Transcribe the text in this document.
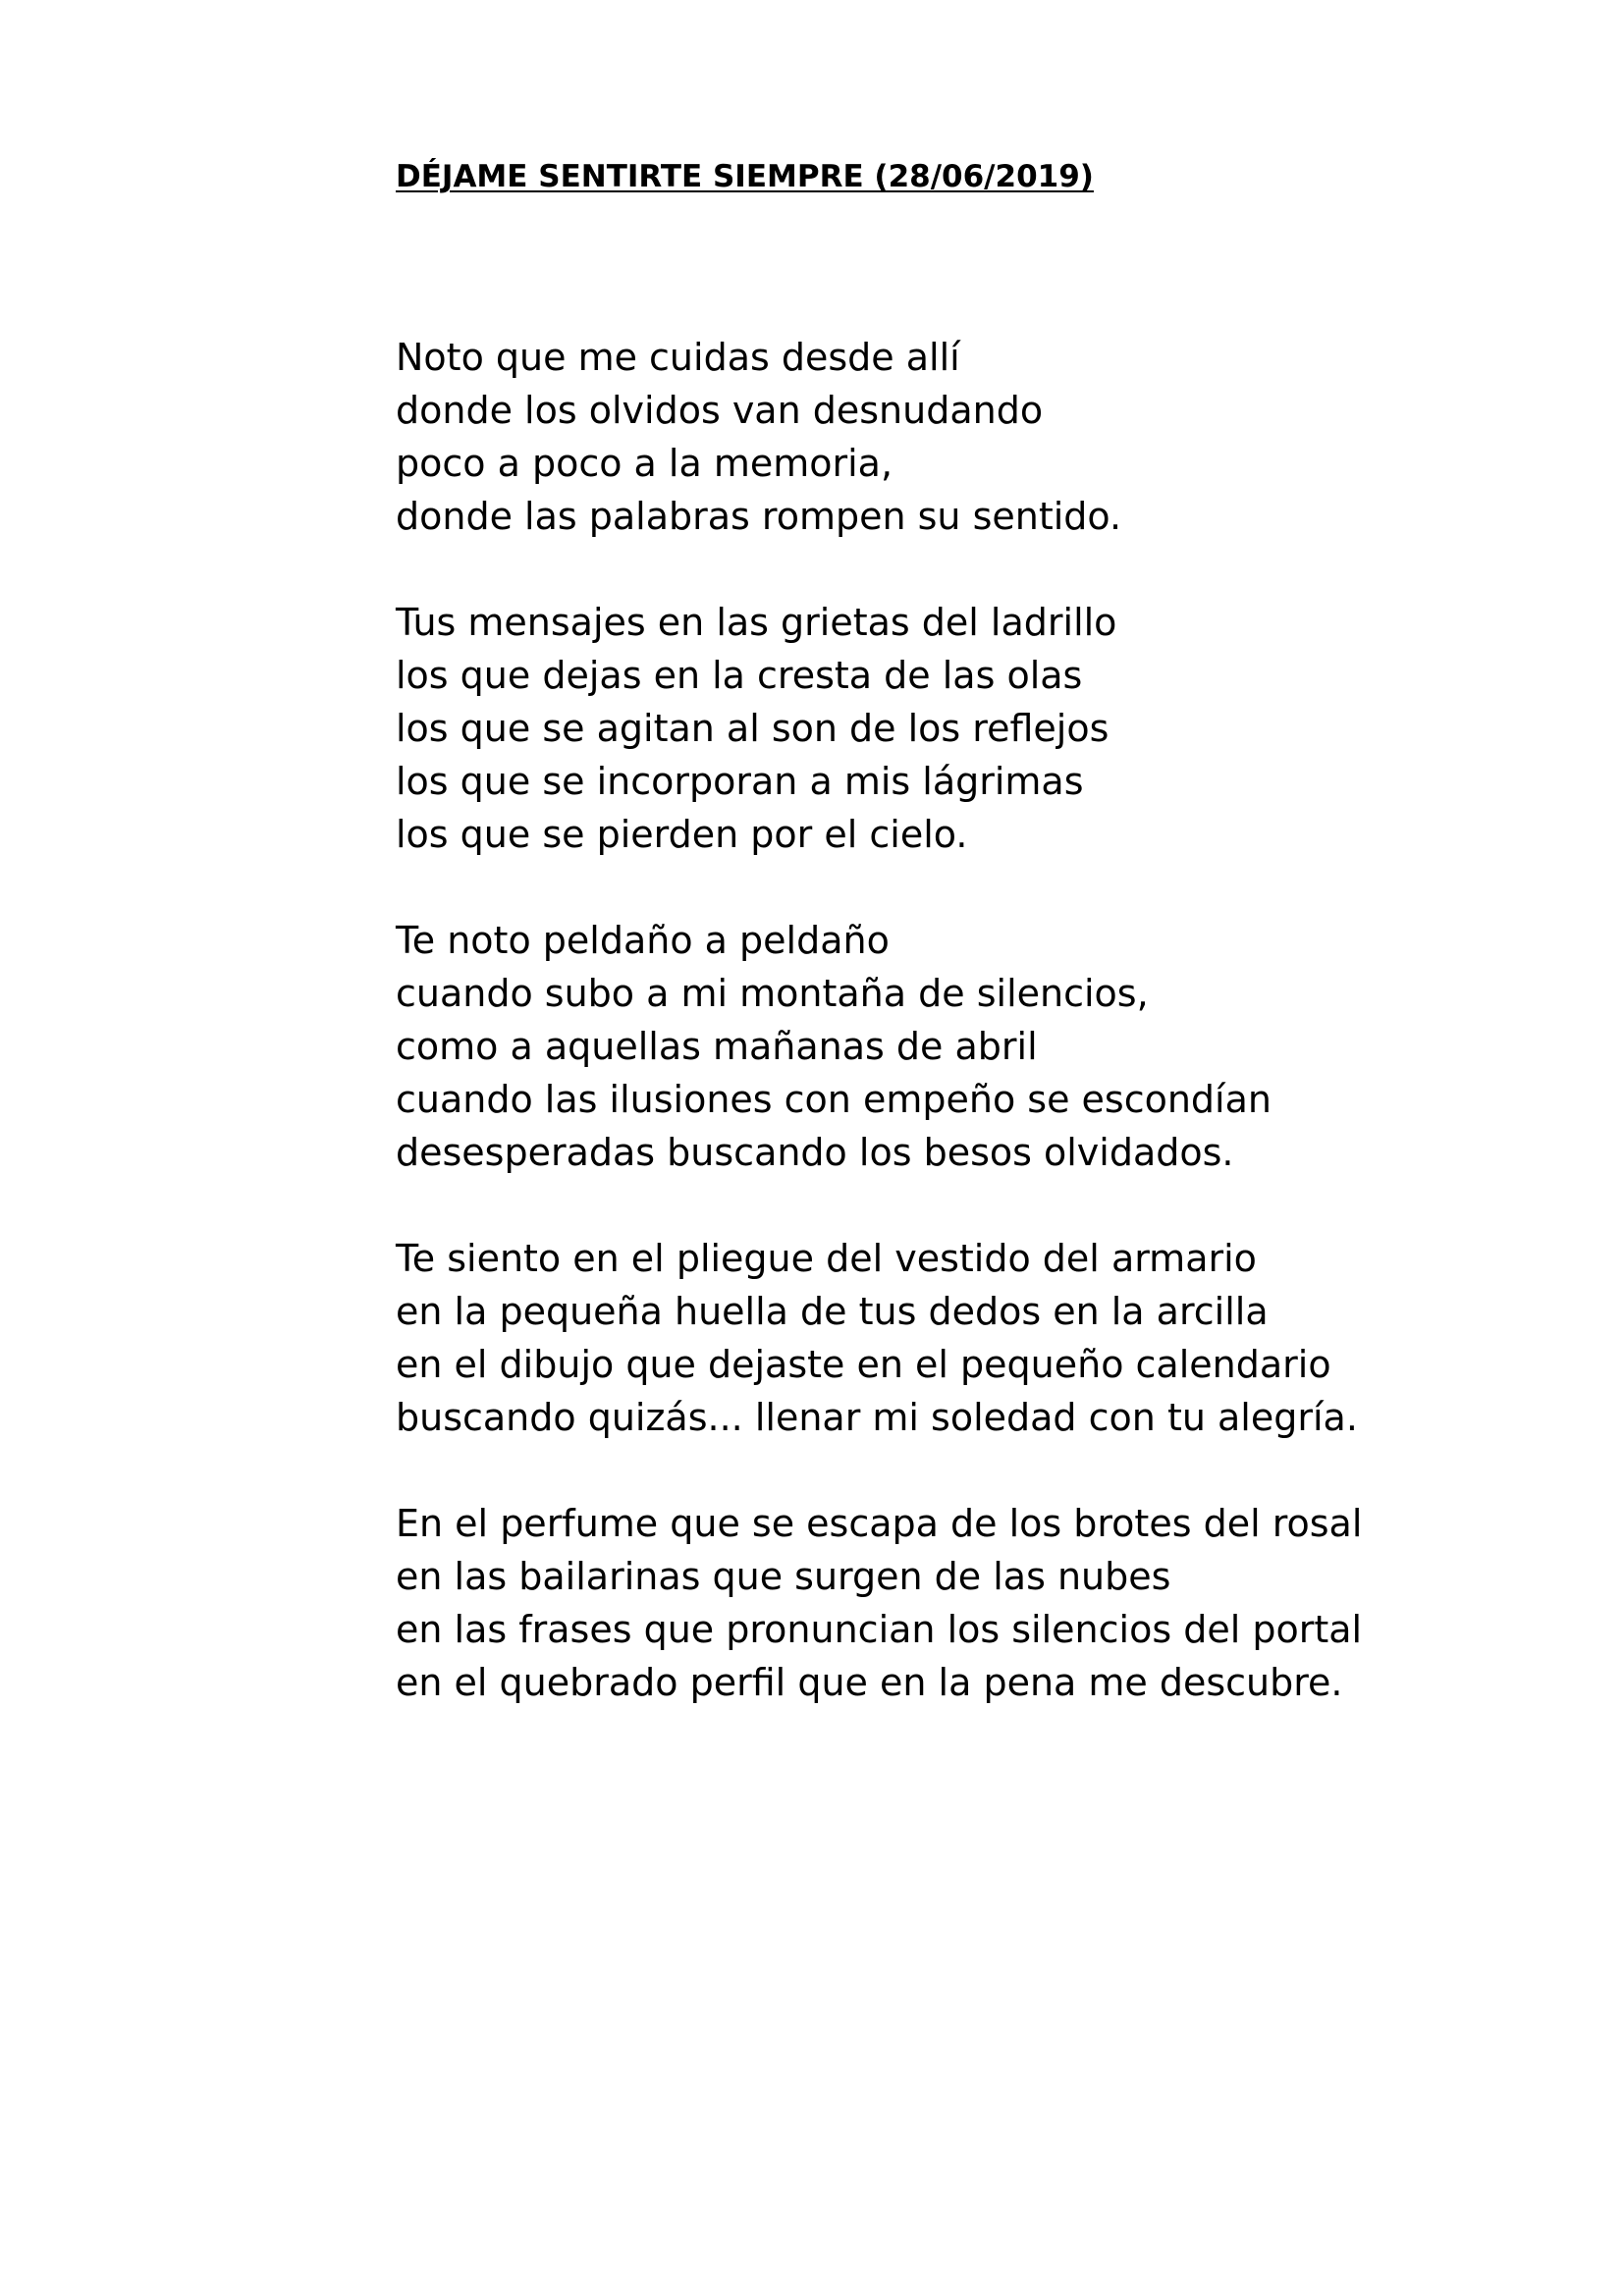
DÉJAME SENTIRTE SIEMPRE (28/06/2019)
Noto que me cuidas desde allí
donde los olvidos van desnudando
poco a poco a la memoria,
donde las palabras rompen su sentido.
Tus mensajes en las grietas del ladrillo
los que dejas en la cresta de las olas
los que se agitan al son de los reflejos
los que se incorporan a mis lágrimas
los que se pierden por el cielo.
Te noto peldaño a peldaño
cuando subo a mi montaña de silencios,
como a aquellas mañanas de abril
cuando las ilusiones con empeño se escondían
desesperadas buscando los besos olvidados.
Te siento en el pliegue del vestido del armario
en la pequeña huella de tus dedos en la arcilla
en el dibujo que dejaste en el pequeño calendario
buscando quizás... llenar mi soledad con tu alegría.
En el perfume que se escapa de los brotes del rosal
en las bailarinas que surgen de las nubes
en las frases que pronuncian los silencios del portal
en el quebrado perfil que en la pena me descubre.
